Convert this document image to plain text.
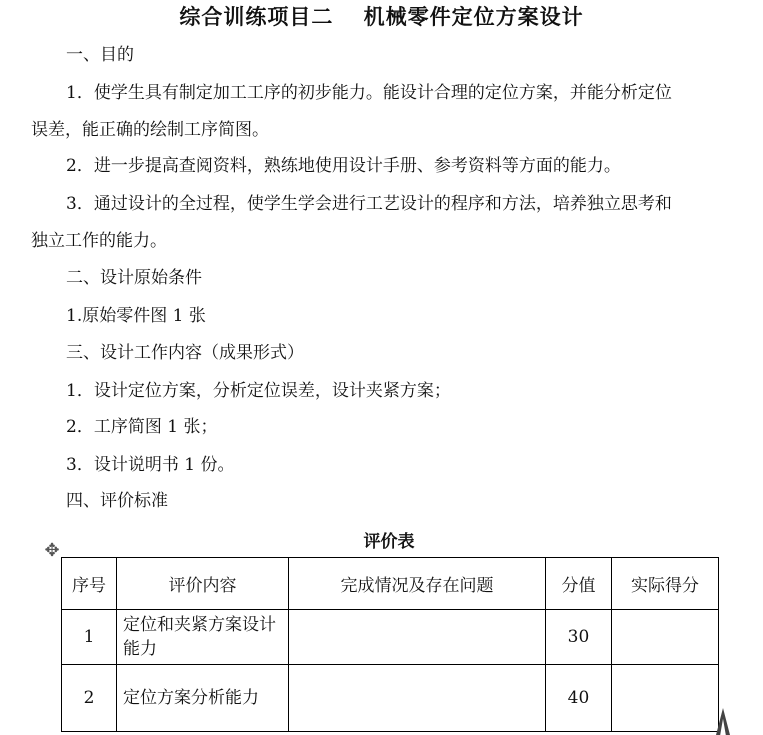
综合训练项目二　 机械零件定位方案设计
一、目的
1．使学生具有制定加工工序的初步能力。能设计合理的定位方案，并能分析定位
误差，能正确的绘制工序简图。
2．进一步提高查阅资料，熟练地使用设计手册、参考资料等方面的能力。
3．通过设计的全过程，使学生学会进行工艺设计的程序和方法，培养独立思考和
独立工作的能力。
二、设计原始条件
1.原始零件图 1 张
三、设计工作内容（成果形式）
1．设计定位方案，分析定位误差，设计夹紧方案；
2．工序简图 1 张；
3．设计说明书 1 份。
四、评价标准
评价表
✥
序号	评价内容	完成情况及存在问题	分值	实际得分
1	定位和夹紧方案设计能力		30	
2	定位方案分析能力		40	
